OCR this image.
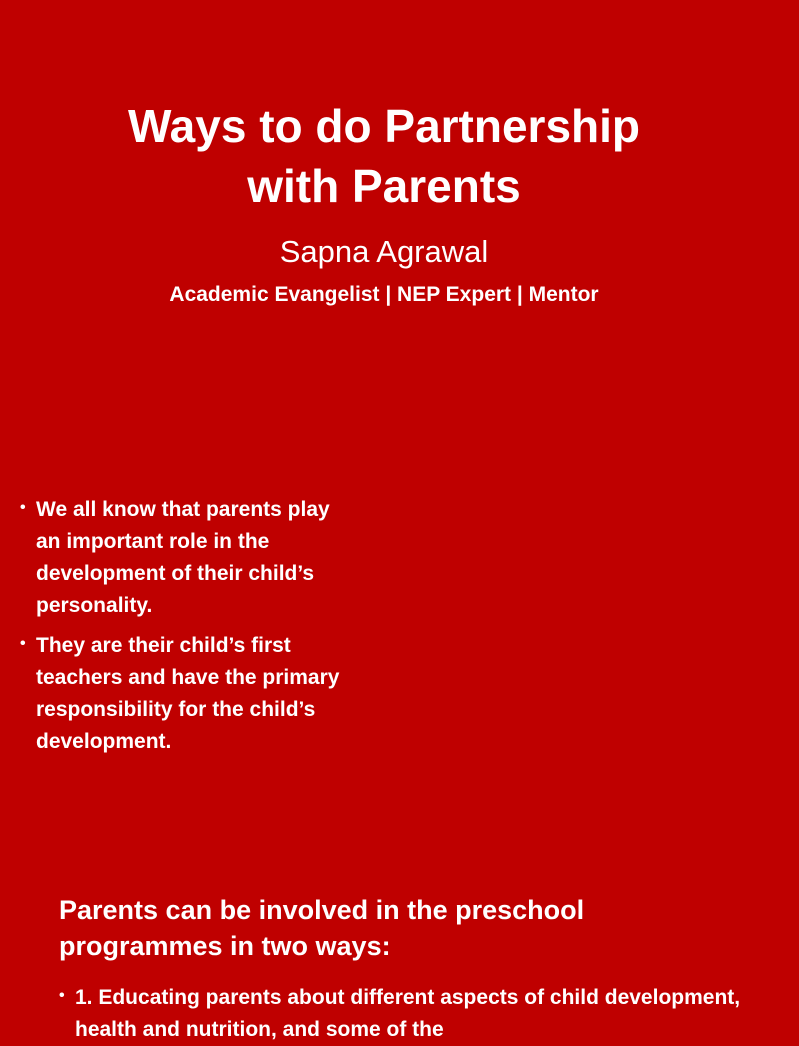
Ways to do Partnership
with Parents

Sapna Agrawal

Academic Evangelist | NEP Expert | Mentor

• We all know that parents play an important role in the development of their child’s personality.
• They are their child’s first teachers and have the primary responsibility for the child’s development.
Parents can be involved in the preschool programmes in two ways:
• 1. Educating parents about different aspects of child development, health and nutrition, and some of the
